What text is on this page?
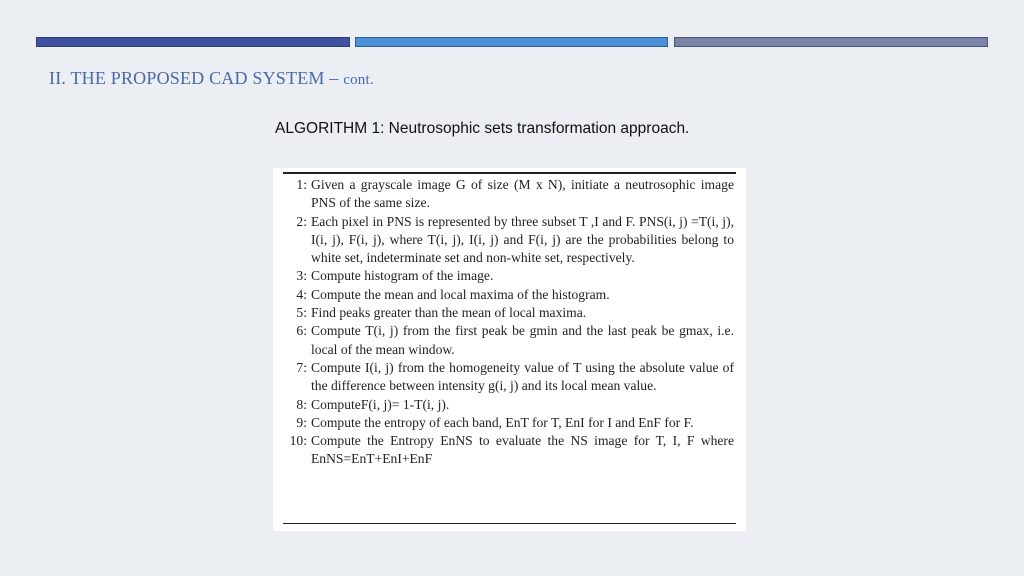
II. THE PROPOSED CAD SYSTEM – cont.
ALGORITHM 1: Neutrosophic sets transformation approach.
1: Given a grayscale image G of size (M x N), initiate a neutrosophic image PNS of the same size.
2: Each pixel in PNS is represented by three subset T ,I and F. PNS(i, j) =T(i, j), I(i, j), F(i, j), where T(i, j), I(i, j) and F(i, j) are the probabilities belong to white set, indeterminate set and non-white set, respectively.
3: Compute histogram of the image.
4: Compute the mean and local maxima of the histogram.
5: Find peaks greater than the mean of local maxima.
6: Compute T(i, j) from the first peak be gmin and the last peak be gmax, i.e. local of the mean window.
7: Compute I(i, j) from the homogeneity value of T using the absolute value of the difference between intensity g(i, j) and its local mean value.
8: ComputeF(i, j)= 1-T(i, j).
9: Compute the entropy of each band, EnT for T, EnI for I and EnF for F.
10: Compute the Entropy EnNS to evaluate the NS image for T, I, F where EnNS=EnT+EnI+EnF
